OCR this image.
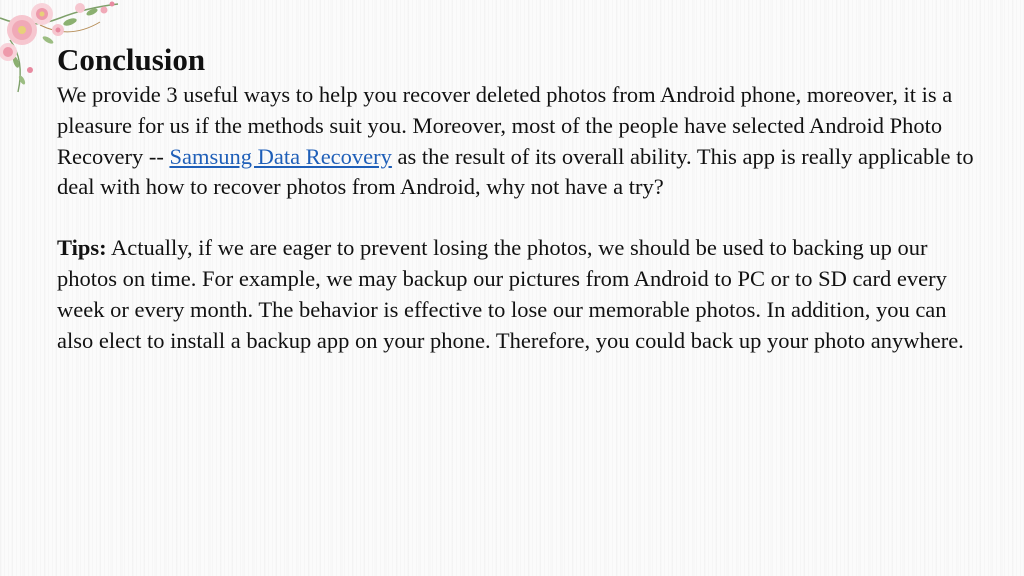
Conclusion

We provide 3 useful ways to help you recover deleted photos from Android phone, moreover, it is a pleasure for us if the methods suit you. Moreover, most of the people have selected Android Photo Recovery -- Samsung Data Recovery as the result of its overall ability. This app is really applicable to deal with how to recover photos from Android, why not have a try?

Tips: Actually, if we are eager to prevent losing the photos, we should be used to backing up our photos on time. For example, we may backup our pictures from Android to PC or to SD card every week or every month. The behavior is effective to lose our memorable photos. In addition, you can also elect to install a backup app on your phone. Therefore, you could back up your photo anywhere.
